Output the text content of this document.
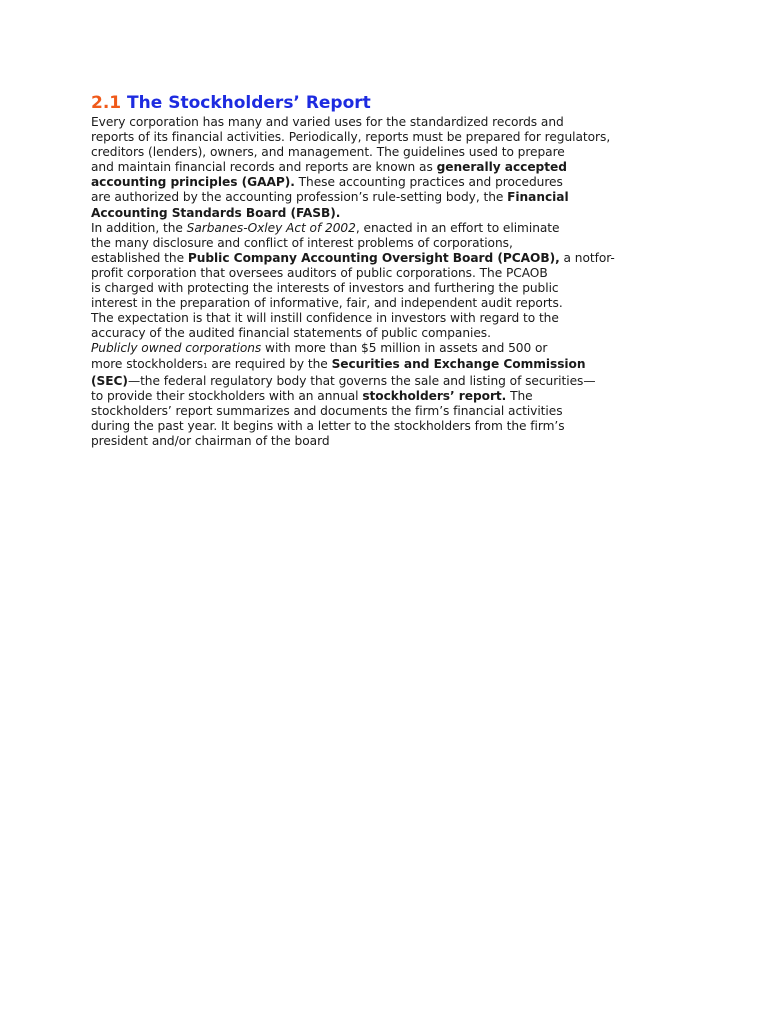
2.1 The Stockholders’ Report
Every corporation has many and varied uses for the standardized records and
reports of its financial activities. Periodically, reports must be prepared for regulators,
creditors (lenders), owners, and management. The guidelines used to prepare
and maintain financial records and reports are known as generally accepted
accounting principles (GAAP). These accounting practices and procedures
are authorized by the accounting profession’s rule-setting body, the Financial
Accounting Standards Board (FASB).
In addition, the Sarbanes-Oxley Act of 2002, enacted in an effort to eliminate
the many disclosure and conflict of interest problems of corporations,
established the Public Company Accounting Oversight Board (PCAOB), a notfor-
profit corporation that oversees auditors of public corporations. The PCAOB
is charged with protecting the interests of investors and furthering the public
interest in the preparation of informative, fair, and independent audit reports.
The expectation is that it will instill confidence in investors with regard to the
accuracy of the audited financial statements of public companies.
Publicly owned corporations with more than $5 million in assets and 500 or
more stockholders1 are required by the Securities and Exchange Commission
(SEC)—the federal regulatory body that governs the sale and listing of securities—
to provide their stockholders with an annual stockholders’ report. The
stockholders’ report summarizes and documents the firm’s financial activities
during the past year. It begins with a letter to the stockholders from the firm’s
president and/or chairman of the board
